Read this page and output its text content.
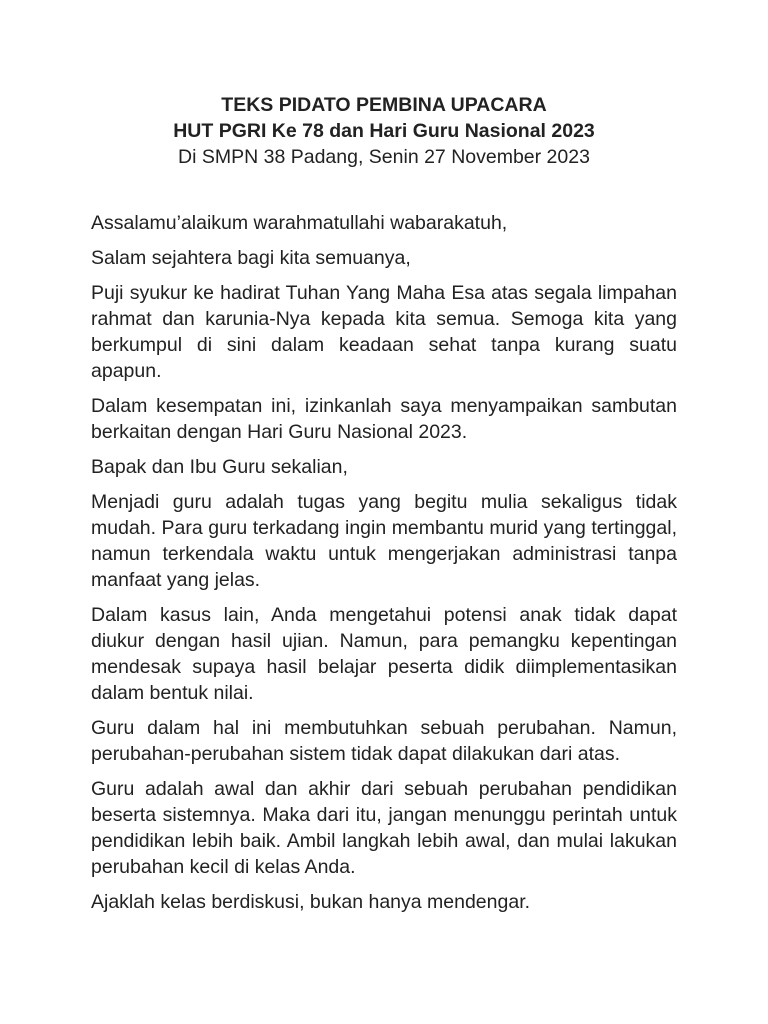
TEKS PIDATO PEMBINA UPACARA
HUT PGRI Ke 78 dan Hari Guru Nasional 2023
Di SMPN 38 Padang, Senin 27 November 2023

Assalamu’alaikum warahmatullahi wabarakatuh,

Salam sejahtera bagi kita semuanya,

Puji syukur ke hadirat Tuhan Yang Maha Esa atas segala limpahan rahmat dan karunia-Nya kepada kita semua. Semoga kita yang berkumpul di sini dalam keadaan sehat tanpa kurang suatu apapun.

Dalam kesempatan ini, izinkanlah saya menyampaikan sambutan berkaitan dengan Hari Guru Nasional 2023.

Bapak dan Ibu Guru sekalian,

Menjadi guru adalah tugas yang begitu mulia sekaligus tidak mudah. Para guru terkadang ingin membantu murid yang tertinggal, namun terkendala waktu untuk mengerjakan administrasi tanpa manfaat yang jelas.

Dalam kasus lain, Anda mengetahui potensi anak tidak dapat diukur dengan hasil ujian. Namun, para pemangku kepentingan mendesak supaya hasil belajar peserta didik diimplementasikan dalam bentuk nilai.

Guru dalam hal ini membutuhkan sebuah perubahan. Namun, perubahan-perubahan sistem tidak dapat dilakukan dari atas.

Guru adalah awal dan akhir dari sebuah perubahan pendidikan beserta sistemnya. Maka dari itu, jangan menunggu perintah untuk pendidikan lebih baik. Ambil langkah lebih awal, dan mulai lakukan perubahan kecil di kelas Anda.

Ajaklah kelas berdiskusi, bukan hanya mendengar.
